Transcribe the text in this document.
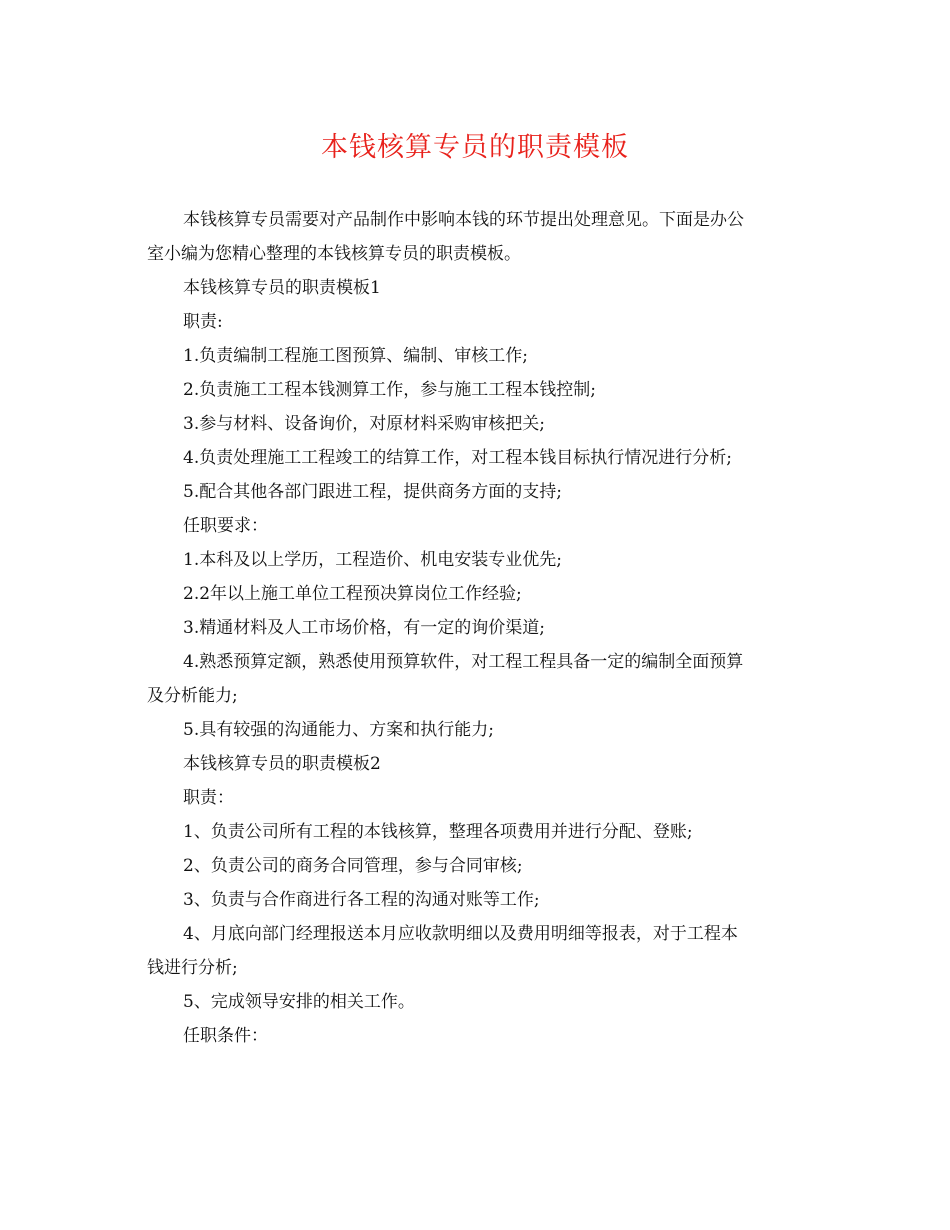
本钱核算专员的职责模板

本钱核算专员需要对产品制作中影响本钱的环节提出处理意见。下面是办公

室小编为您精心整理的本钱核算专员的职责模板。

本钱核算专员的职责模板1

职责:

1.负责编制工程施工图预算、编制、审核工作;

2.负责施工工程本钱测算工作，参与施工工程本钱控制;

3.参与材料、设备询价，对原材料采购审核把关;

4.负责处理施工工程竣工的结算工作，对工程本钱目标执行情况进行分析;

5.配合其他各部门跟进工程，提供商务方面的支持;

任职要求：

1.本科及以上学历，工程造价、机电安装专业优先;

2.2年以上施工单位工程预决算岗位工作经验;

3.精通材料及人工市场价格，有一定的询价渠道;

4.熟悉预算定额，熟悉使用预算软件，对工程工程具备一定的编制全面预算

及分析能力;

5.具有较强的沟通能力、方案和执行能力;

本钱核算专员的职责模板2

职责：

1、负责公司所有工程的本钱核算，整理各项费用并进行分配、登账;

2、负责公司的商务合同管理，参与合同审核;

3、负责与合作商进行各工程的沟通对账等工作;

4、月底向部门经理报送本月应收款明细以及费用明细等报表，对于工程本

钱进行分析;

5、完成领导安排的相关工作。

任职条件：
